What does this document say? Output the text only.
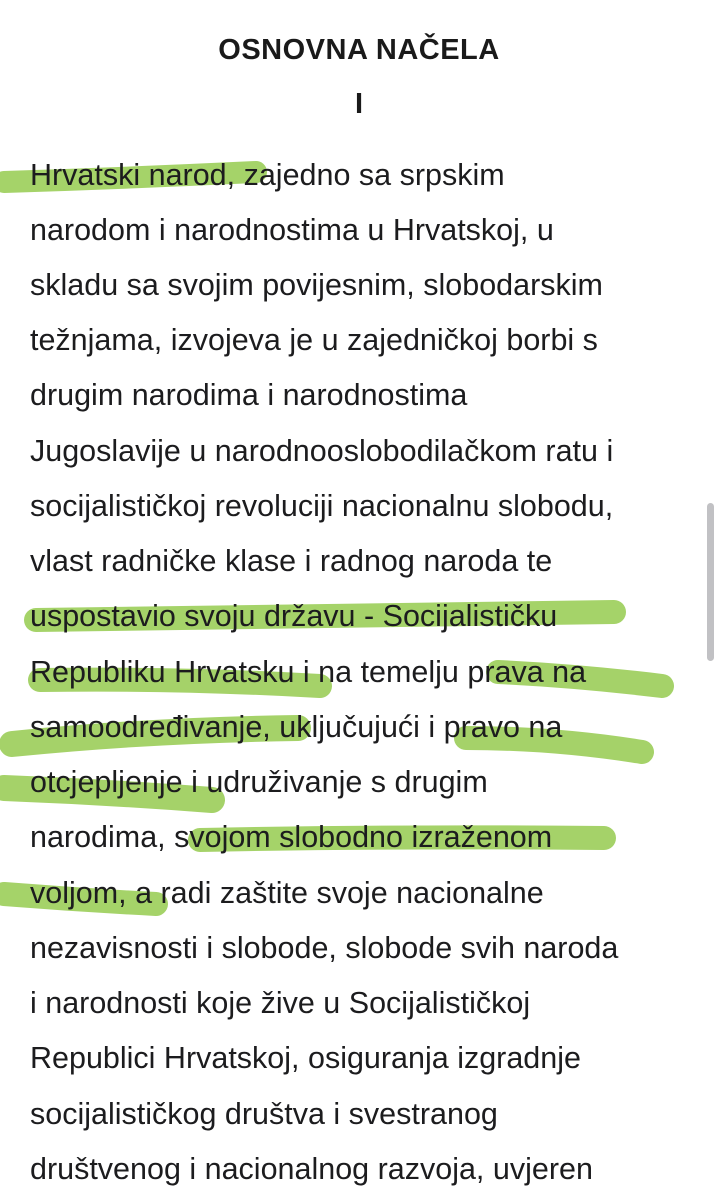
OSNOVNA NAČELA
I
Hrvatski narod, zajedno sa srpskim
narodom i narodnostima u Hrvatskoj, u
skladu sa svojim povijesnim, slobodarskim
težnjama, izvojeva je u zajedničkoj borbi s
drugim narodima i narodnostima
Jugoslavije u narodnooslobodilačkom ratu i
socijalističkoj revoluciji nacionalnu slobodu,
vlast radničke klase i radnog naroda te
uspostavio svoju državu - Socijalističku
Republiku Hrvatsku i na temelju prava na
samoodređivanje, uključujući i pravo na
otcjepljenje i udruživanje s drugim
narodima, svojom slobodno izraženom
voljom, a radi zaštite svoje nacionalne
nezavisnosti i slobode, slobode svih naroda
i narodnosti koje žive u Socijalističkoj
Republici Hrvatskoj, osiguranja izgradnje
socijalističkog društva i svestranog
društvenog i nacionalnog razvoja, uvjeren
